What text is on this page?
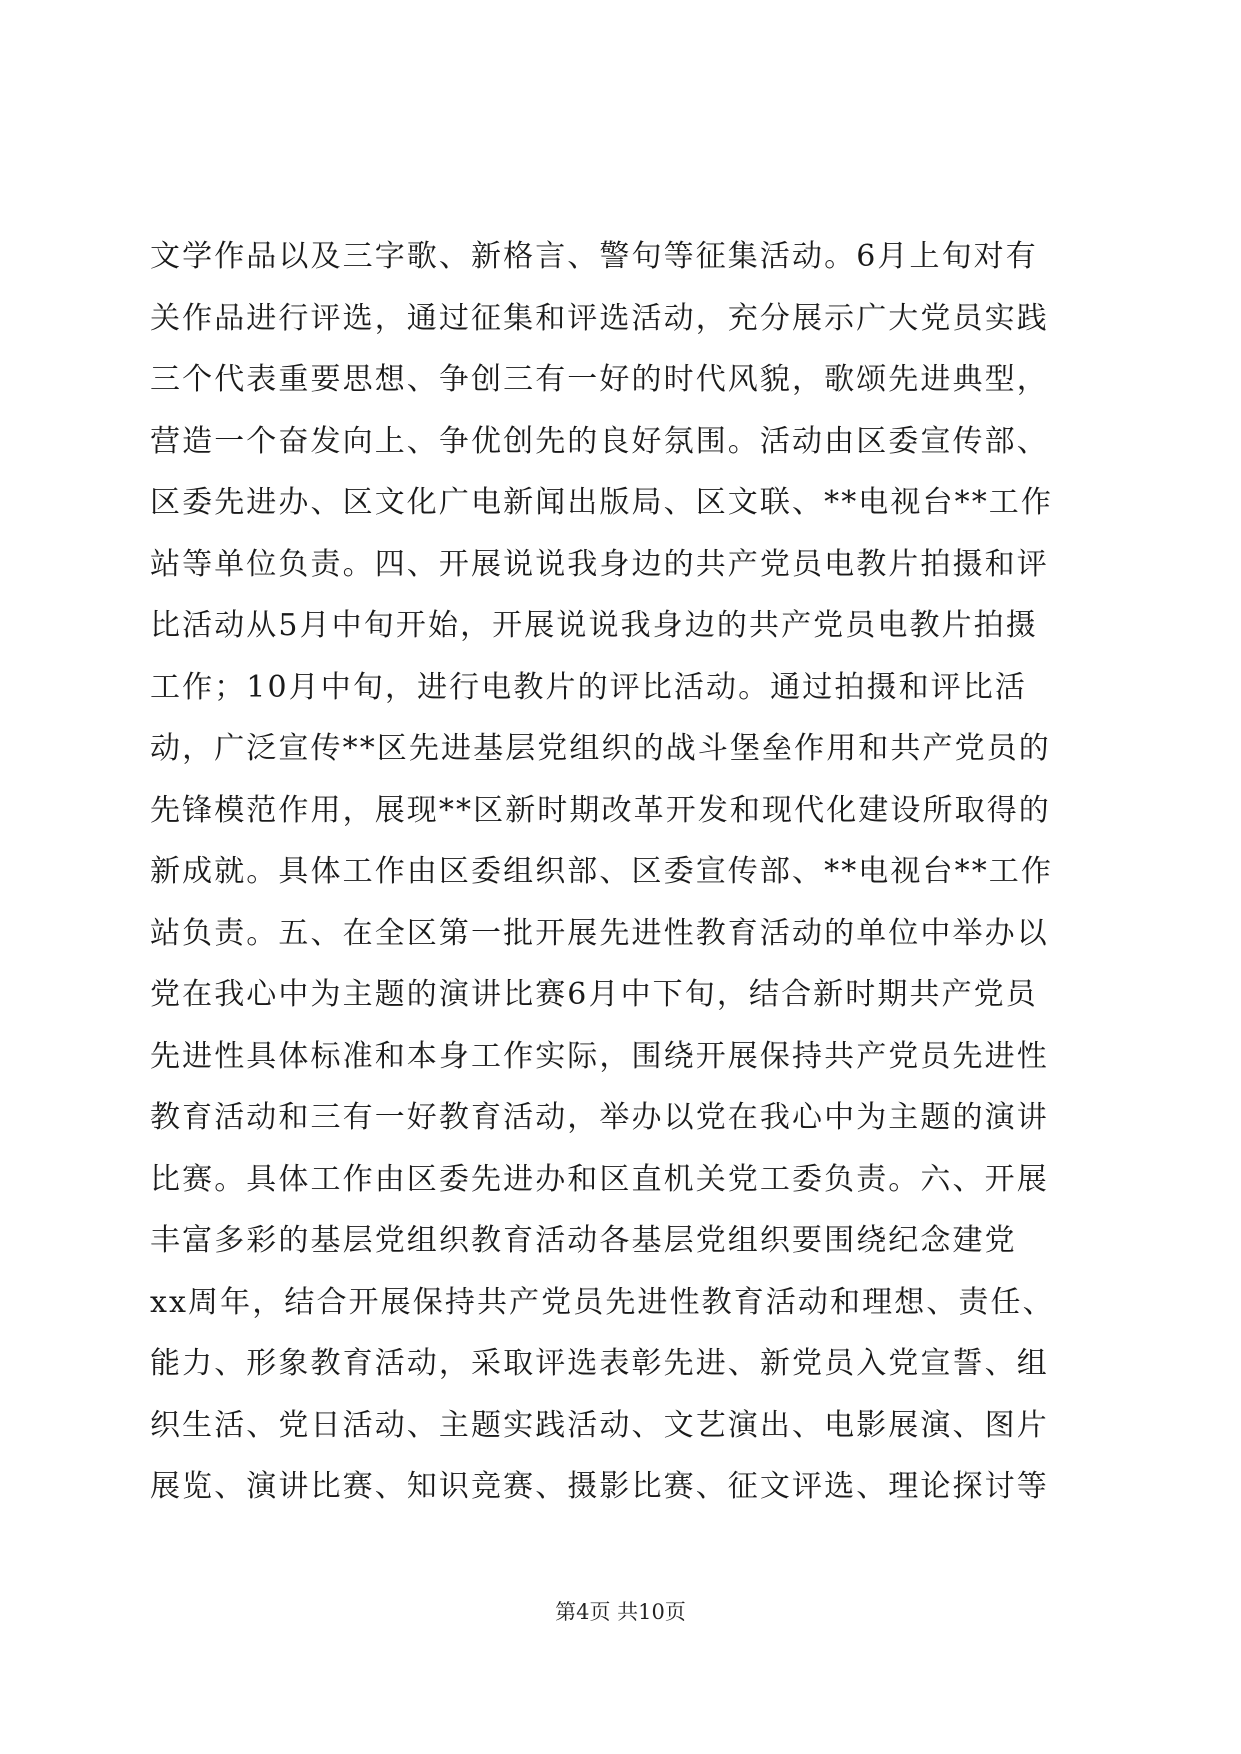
文学作品以及三字歌、新格言、警句等征集活动。6月上旬对有
关作品进行评选，通过征集和评选活动，充分展示广大党员实践
三个代表重要思想、争创三有一好的时代风貌，歌颂先进典型，
营造一个奋发向上、争优创先的良好氛围。活动由区委宣传部、
区委先进办、区文化广电新闻出版局、区文联、**电视台**工作
站等单位负责。四、开展说说我身边的共产党员电教片拍摄和评
比活动从5月中旬开始，开展说说我身边的共产党员电教片拍摄
工作；10月中旬，进行电教片的评比活动。通过拍摄和评比活
动，广泛宣传**区先进基层党组织的战斗堡垒作用和共产党员的
先锋模范作用，展现**区新时期改革开发和现代化建设所取得的
新成就。具体工作由区委组织部、区委宣传部、**电视台**工作
站负责。五、在全区第一批开展先进性教育活动的单位中举办以
党在我心中为主题的演讲比赛6月中下旬，结合新时期共产党员
先进性具体标准和本身工作实际，围绕开展保持共产党员先进性
教育活动和三有一好教育活动，举办以党在我心中为主题的演讲
比赛。具体工作由区委先进办和区直机关党工委负责。六、开展
丰富多彩的基层党组织教育活动各基层党组织要围绕纪念建党
xx周年，结合开展保持共产党员先进性教育活动和理想、责任、
能力、形象教育活动，采取评选表彰先进、新党员入党宣誓、组
织生活、党日活动、主题实践活动、文艺演出、电影展演、图片
展览、演讲比赛、知识竞赛、摄影比赛、征文评选、理论探讨等
第4页 共10页
